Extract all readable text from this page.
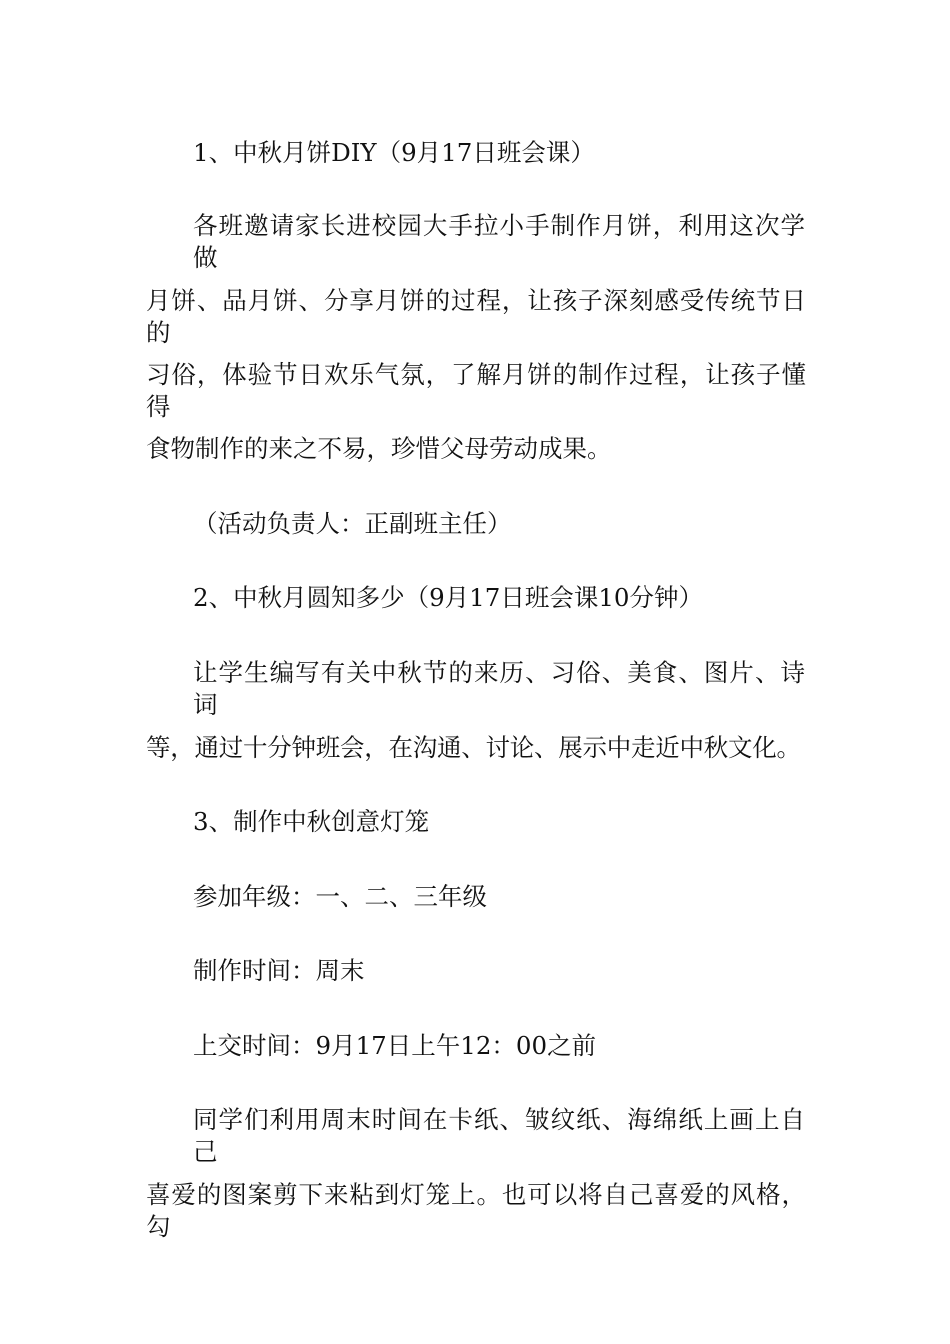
1、中秋月饼DIY（9月17日班会课）
各班邀请家长进校园大手拉小手制作月饼，利用这次学做
月饼、品月饼、分享月饼的过程，让孩子深刻感受传统节日的
习俗，体验节日欢乐气氛，了解月饼的制作过程，让孩子懂得
食物制作的来之不易，珍惜父母劳动成果。
（活动负责人：正副班主任）
2、中秋月圆知多少（9月17日班会课10分钟）
让学生编写有关中秋节的来历、习俗、美食、图片、诗词
等，通过十分钟班会，在沟通、讨论、展示中走近中秋文化。
3、制作中秋创意灯笼
参加年级：一、二、三年级
制作时间：周末
上交时间：9月17日上午12：00之前
同学们利用周末时间在卡纸、皱纹纸、海绵纸上画上自己
喜爱的图案剪下来粘到灯笼上。也可以将自己喜爱的风格，勾
